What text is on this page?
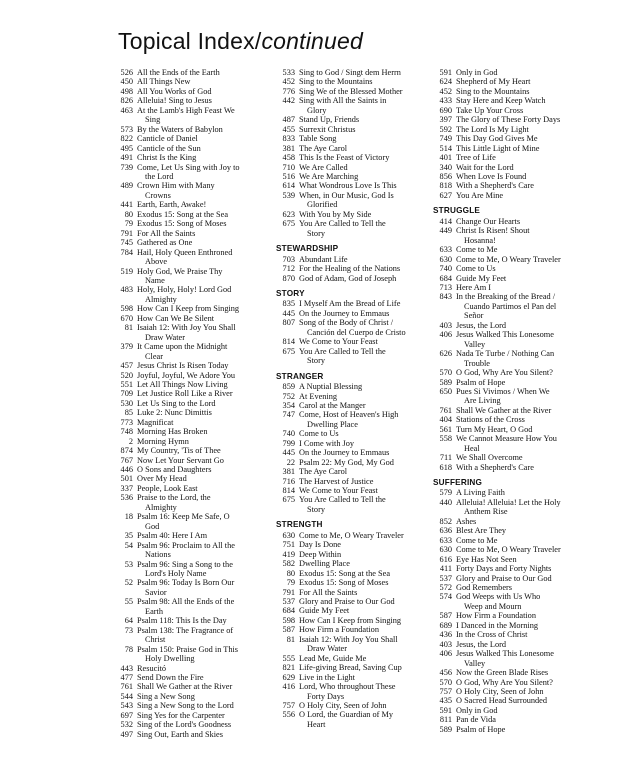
Topical Index/continued
526 All the Ends of the Earth
450 All Things New
498 All You Works of God
826 Alleluia! Sing to Jesus
463 At the Lamb's High Feast We
Sing
573 By the Waters of Babylon
822 Canticle of Daniel
495 Canticle of the Sun
491 Christ Is the King
739 Come, Let Us Sing with Joy to
the Lord
489 Crown Him with Many
Crowns
441 Earth, Earth, Awake!
80 Exodus 15: Song at the Sea
79 Exodus 15: Song of Moses
791 For All the Saints
745 Gathered as One
784 Hail, Holy Queen Enthroned
Above
519 Holy God, We Praise Thy
Name
483 Holy, Holy, Holy! Lord God
Almighty
598 How Can I Keep from Singing
670 How Can We Be Silent
81 Isaiah 12: With Joy You Shall
Draw Water
379 It Came upon the Midnight
Clear
457 Jesus Christ Is Risen Today
520 Joyful, Joyful, We Adore You
551 Let All Things Now Living
709 Let Justice Roll Like a River
530 Let Us Sing to the Lord
85 Luke 2: Nunc Dimittis
773 Magnificat
748 Morning Has Broken
2 Morning Hymn
874 My Country, 'Tis of Thee
767 Now Let Your Servant Go
446 O Sons and Daughters
501 Over My Head
337 People, Look East
536 Praise to the Lord, the
Almighty
18 Psalm 16: Keep Me Safe, O
God
35 Psalm 40: Here I Am
54 Psalm 96: Proclaim to All the
Nations
53 Psalm 96: Sing a Song to the
Lord's Holy Name
52 Psalm 96: Today Is Born Our
Savior
55 Psalm 98: All the Ends of the
Earth
64 Psalm 118: This Is the Day
73 Psalm 138: The Fragrance of
Christ
78 Psalm 150: Praise God in This
Holy Dwelling
443 Resucitó
477 Send Down the Fire
761 Shall We Gather at the River
544 Sing a New Song
543 Sing a New Song to the Lord
697 Sing Yes for the Carpenter
532 Sing of the Lord's Goodness
497 Sing Out, Earth and Skies
533 Sing to God / Singt dem Herrn
452 Sing to the Mountains
776 Sing We of the Blessed Mother
442 Sing with All the Saints in
Glory
487 Stand Up, Friends
455 Surrexit Christus
833 Table Song
381 The Aye Carol
458 This Is the Feast of Victory
710 We Are Called
516 We Are Marching
614 What Wondrous Love Is This
539 When, in Our Music, God Is
Glorified
623 With You by My Side
675 You Are Called to Tell the
Story
STEWARDSHIP
703 Abundant Life
712 For the Healing of the Nations
870 God of Adam, God of Joseph
STORY
835 I Myself Am the Bread of Life
445 On the Journey to Emmaus
807 Song of the Body of Christ /
Canción del Cuerpo de Cristo
814 We Come to Your Feast
675 You Are Called to Tell the
Story
STRANGER
859 A Nuptial Blessing
752 At Evening
354 Carol at the Manger
747 Come, Host of Heaven's High
Dwelling Place
740 Come to Us
799 I Come with Joy
445 On the Journey to Emmaus
22 Psalm 22: My God, My God
381 The Aye Carol
716 The Harvest of Justice
814 We Come to Your Feast
675 You Are Called to Tell the
Story
STRENGTH
630 Come to Me, O Weary Traveler
751 Day Is Done
419 Deep Within
582 Dwelling Place
80 Exodus 15: Song at the Sea
79 Exodus 15: Song of Moses
791 For All the Saints
537 Glory and Praise to Our God
684 Guide My Feet
598 How Can I Keep from Singing
587 How Firm a Foundation
81 Isaiah 12: With Joy You Shall
Draw Water
555 Lead Me, Guide Me
821 Life-giving Bread, Saving Cup
629 Live in the Light
416 Lord, Who throughout These
Forty Days
757 O Holy City, Seen of John
556 O Lord, the Guardian of My
Heart
591 Only in God
624 Shepherd of My Heart
452 Sing to the Mountains
433 Stay Here and Keep Watch
690 Take Up Your Cross
397 The Glory of These Forty Days
592 The Lord Is My Light
749 This Day God Gives Me
514 This Little Light of Mine
401 Tree of Life
340 Wait for the Lord
856 When Love Is Found
818 With a Shepherd's Care
627 You Are Mine
STRUGGLE
414 Change Our Hearts
449 Christ Is Risen! Shout
Hosanna!
633 Come to Me
630 Come to Me, O Weary Traveler
740 Come to Us
684 Guide My Feet
713 Here Am I
843 In the Breaking of the Bread /
Cuando Partimos el Pan del
Señor
403 Jesus, the Lord
406 Jesus Walked This Lonesome
Valley
626 Nada Te Turbe / Nothing Can
Trouble
570 O God, Why Are You Silent?
589 Psalm of Hope
650 Pues Si Vivimos / When We
Are Living
761 Shall We Gather at the River
404 Stations of the Cross
561 Turn My Heart, O God
558 We Cannot Measure How You
Heal
711 We Shall Overcome
618 With a Shepherd's Care
SUFFERING
579 A Living Faith
440 Alleluia! Alleluia! Let the Holy
Anthem Rise
852 Ashes
636 Blest Are They
633 Come to Me
630 Come to Me, O Weary Traveler
616 Eye Has Not Seen
411 Forty Days and Forty Nights
537 Glory and Praise to Our God
572 God Remembers
574 God Weeps with Us Who
Weep and Mourn
587 How Firm a Foundation
689 I Danced in the Morning
436 In the Cross of Christ
403 Jesus, the Lord
406 Jesus Walked This Lonesome
Valley
456 Now the Green Blade Rises
570 O God, Why Are You Silent?
757 O Holy City, Seen of John
435 O Sacred Head Surrounded
591 Only in God
811 Pan de Vida
589 Psalm of Hope
